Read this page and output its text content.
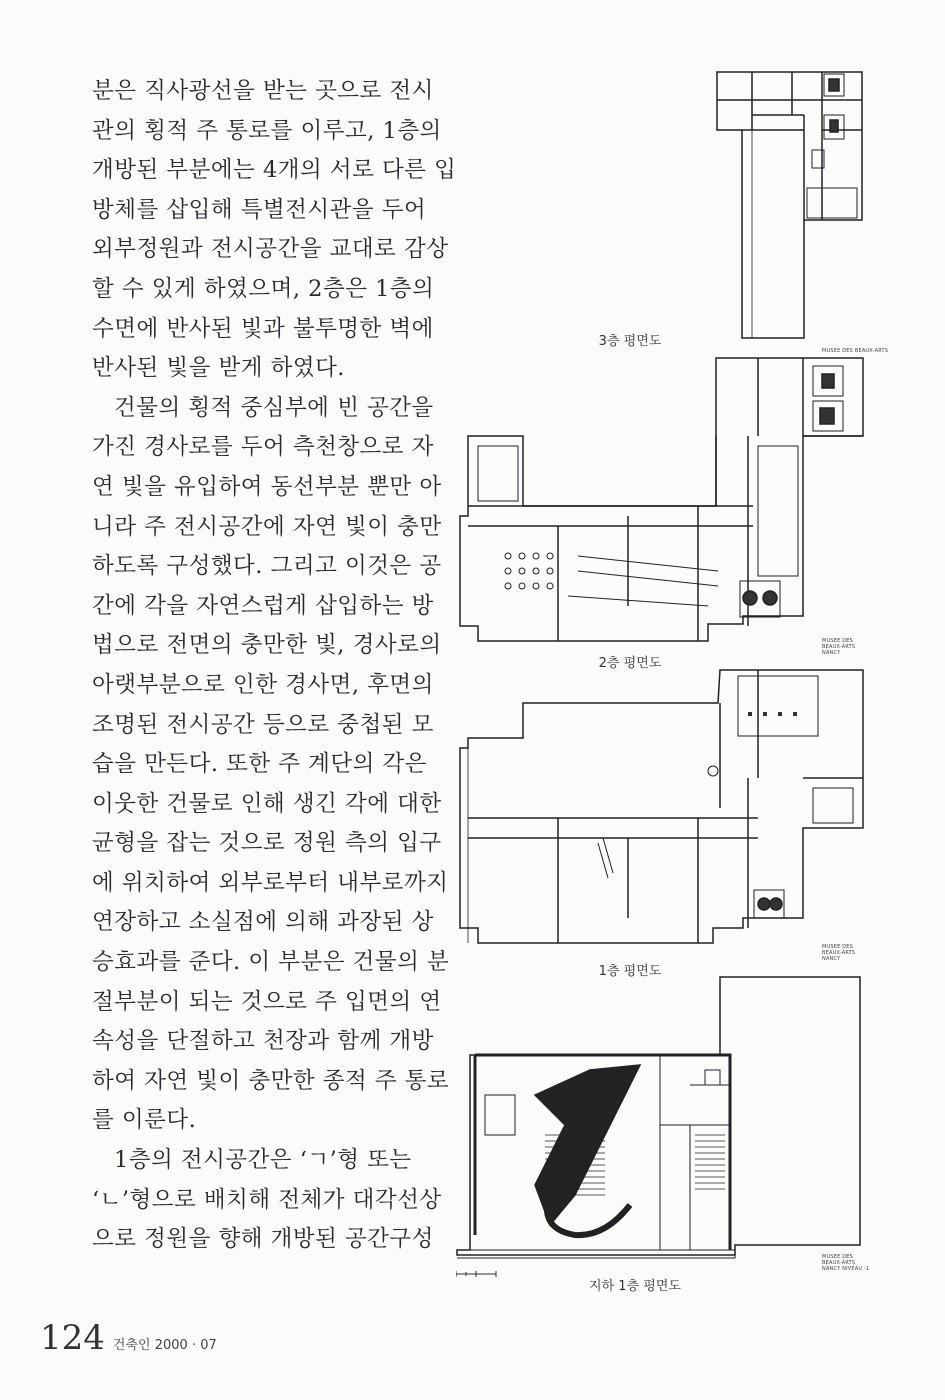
분은 직사광선을 받는 곳으로 전시
관의 횡적 주 통로를 이루고, 1층의
개방된 부분에는 4개의 서로 다른 입
방체를 삽입해 특별전시관을 두어
외부정원과 전시공간을 교대로 감상
할 수 있게 하였으며, 2층은 1층의
수면에 반사된 빛과 불투명한 벽에
반사된 빛을 받게 하였다.
건물의 횡적 중심부에 빈 공간을
가진 경사로를 두어 측천창으로 자
연 빛을 유입하여 동선부분 뿐만 아
니라 주 전시공간에 자연 빛이 충만
하도록 구성했다. 그리고 이것은 공
간에 각을 자연스럽게 삽입하는 방
법으로 전면의 충만한 빛, 경사로의
아랫부분으로 인한 경사면, 후면의
조명된 전시공간 등으로 중첩된 모
습을 만든다. 또한 주 계단의 각은
이웃한 건물로 인해 생긴 각에 대한
균형을 잡는 것으로 정원 측의 입구
에 위치하여 외부로부터 내부로까지
연장하고 소실점에 의해 과장된 상
승효과를 준다. 이 부분은 건물의 분
절부분이 되는 것으로 주 입면의 연
속성을 단절하고 천장과 함께 개방
하여 자연 빛이 충만한 종적 주 통로
를 이룬다.
1층의 전시공간은 ‘ㄱ’형 또는
‘ㄴ’형으로 배치해 전체가 대각선상
으로 정원을 향해 개방된 공간구성
3층 평면도
MUSEE DES BEAUX-ARTS
2층 평면도
MUSEE DES BEAUX-ARTS NANCY
1층 평면도
MUSEE DES BEAUX-ARTS NANCY
지하 1층 평면도
MUSEE DES BEAUX-ARTS NANCY NIVEAU -1
124 건축인 2000 · 07
